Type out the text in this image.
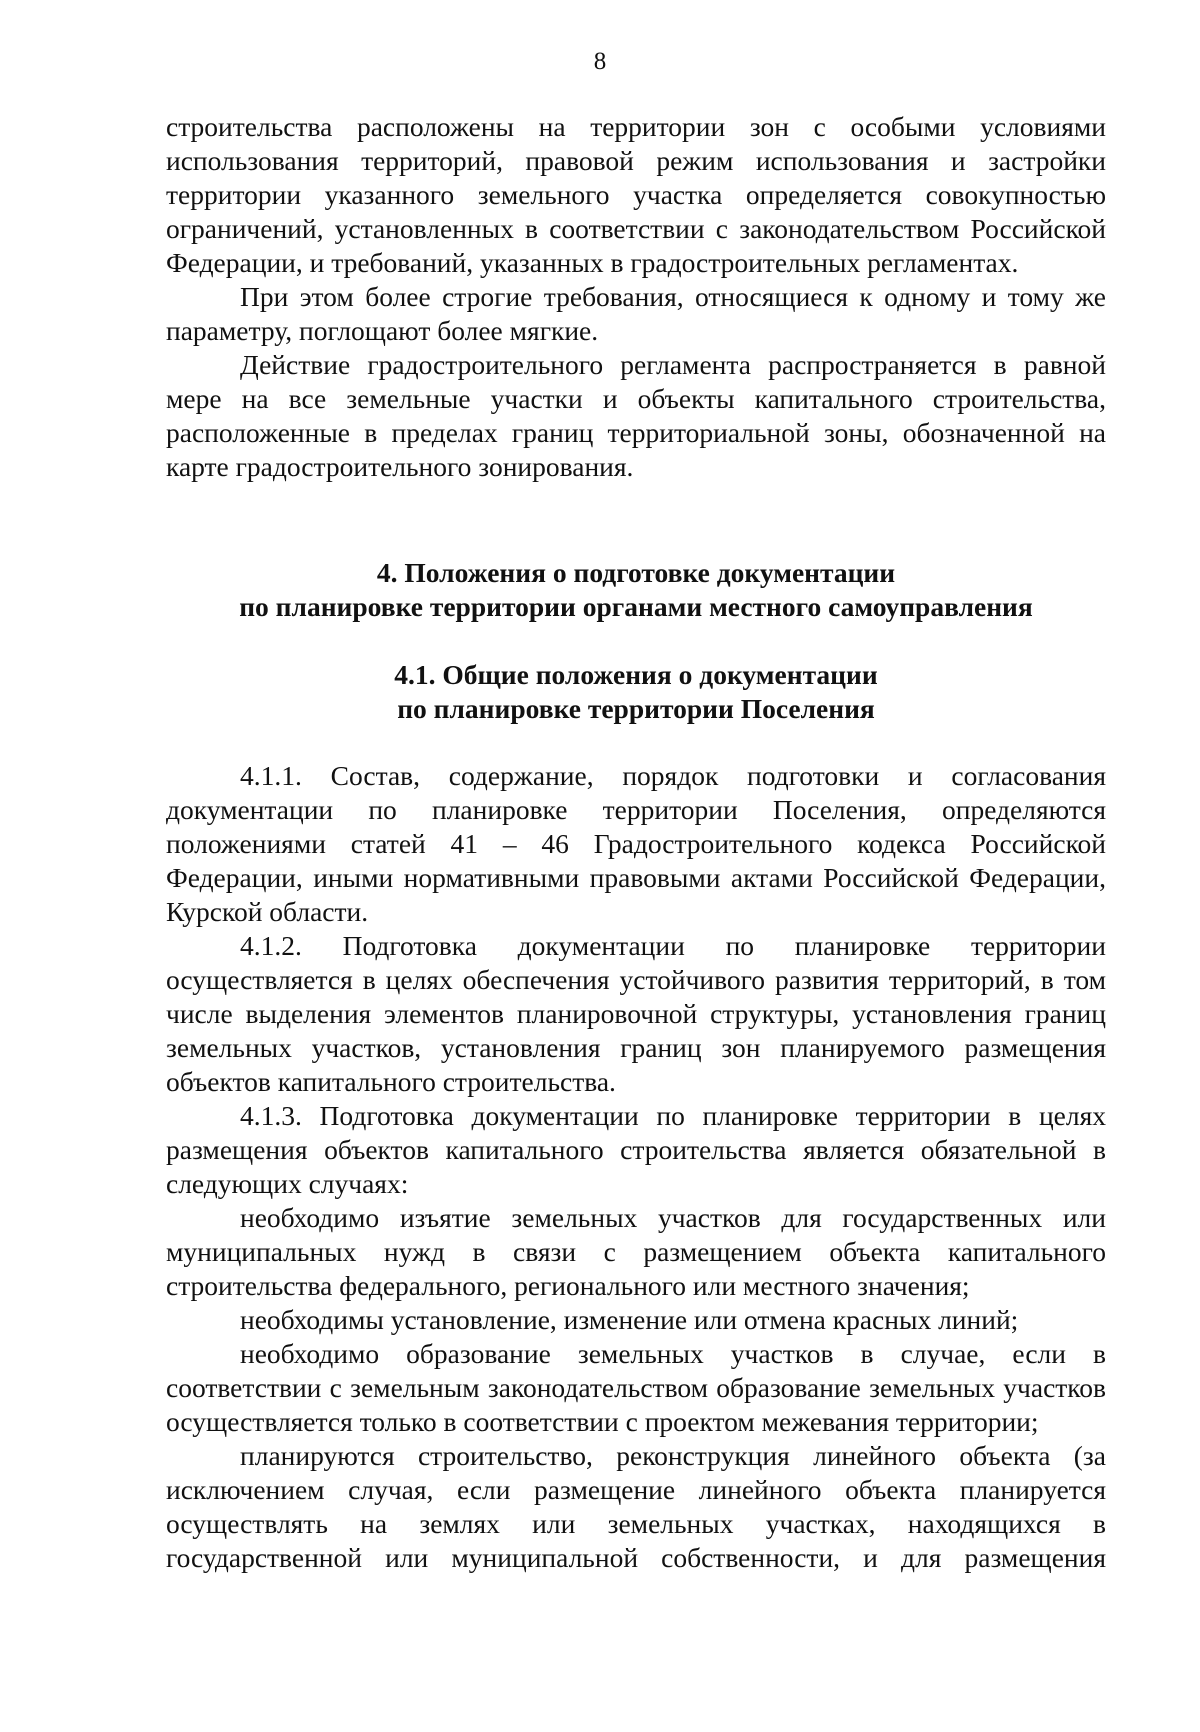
8

строительства расположены на территории зон с особыми условиями использования территорий, правовой режим использования и застройки территории указанного земельного участка определяется совокупностью ограничений, установленных в соответствии с законодательством Российской Федерации, и требований, указанных в градостроительных регламентах.

При этом более строгие требования, относящиеся к одному и тому же параметру, поглощают более мягкие.

Действие градостроительного регламента распространяется в равной мере на все земельные участки и объекты капитального строительства, расположенные в пределах границ территориальной зоны, обозначенной на карте градостроительного зонирования.

4. Положения о подготовке документации

по планировке территории органами местного самоуправления

4.1. Общие положения о документации

по планировке территории Поселения

4.1.1. Состав, содержание, порядок подготовки и согласования документации по планировке территории Поселения, определяются положениями статей 41 – 46 Градостроительного кодекса Российской Федерации, иными нормативными правовыми актами Российской Федерации, Курской области.

4.1.2. Подготовка документации по планировке территории осуществляется в целях обеспечения устойчивого развития территорий, в том числе выделения элементов планировочной структуры, установления границ земельных участков, установления границ зон планируемого размещения объектов капитального строительства.

4.1.3. Подготовка документации по планировке территории в целях размещения объектов капитального строительства является обязательной в следующих случаях:

необходимо изъятие земельных участков для государственных или муниципальных нужд в связи с размещением объекта капитального строительства федерального, регионального или местного значения;

необходимы установление, изменение или отмена красных линий;

необходимо образование земельных участков в случае, если в соответствии с земельным законодательством образование земельных участков осуществляется только в соответствии с проектом межевания территории;

планируются строительство, реконструкция линейного объекта (за исключением случая, если размещение линейного объекта планируется осуществлять на землях или земельных участках, находящихся в государственной или муниципальной собственности, и для размещения
